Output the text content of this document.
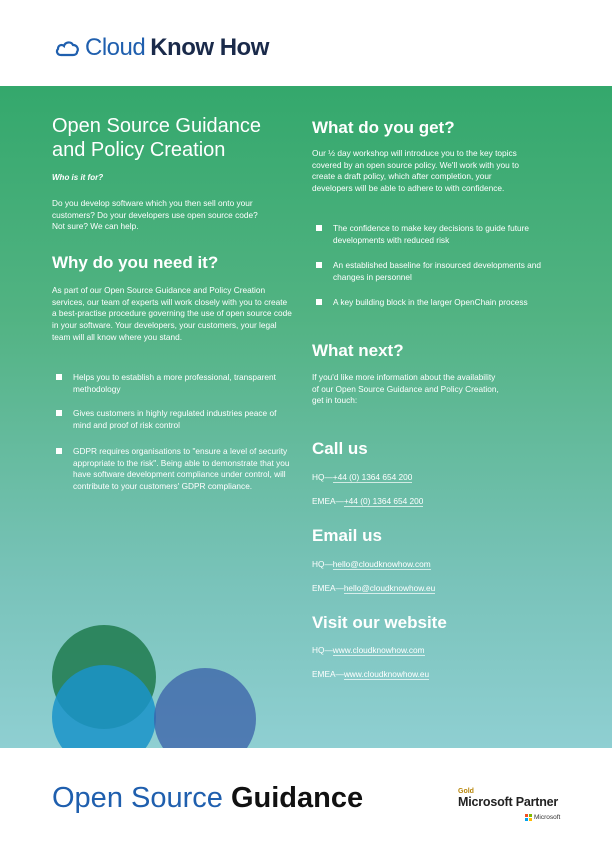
Cloud Know How
Open Source Guidance and Policy Creation
Who is it for?
Do you develop software which you then sell onto your customers? Do your developers use open source code? Not sure? We can help.
Why do you need it?
As part of our Open Source Guidance and Policy Creation services, our team of experts will work closely with you to create a best-practise procedure governing the use of open source code in your software. Your developers, your customers, your legal team will all know where you stand.
Helps you to establish a more professional, transparent methodology
Gives customers in highly regulated industries peace of mind and proof of risk control
GDPR requires organisations to "ensure a level of security appropriate to the risk". Being able to demonstrate that you have software development compliance under control, will contribute to your customers' GDPR compliance.
What do you get?
Our ½ day workshop will introduce you to the key topics covered by an open source policy. We'll work with you to create a draft policy, which after completion, your developers will be able to adhere to with confidence.
The confidence to make key decisions to guide future developments with reduced risk
An established baseline for insourced developments and changes in personnel
A key building block in the larger OpenChain process
What next?
If you'd like more information about the availability of our Open Source Guidance and Policy Creation, get in touch:
Call us
HQ—+44 (0) 1364 654 200
EMEA—+44 (0) 1364 654 200
Email us
HQ—hello@cloudknowhow.com
EMEA—hello@cloudknowhow.eu
Visit our website
HQ—www.cloudknowhow.com
EMEA—www.cloudknowhow.eu
Open Source Guidance	Gold
Microsoft Partner
Microsoft
